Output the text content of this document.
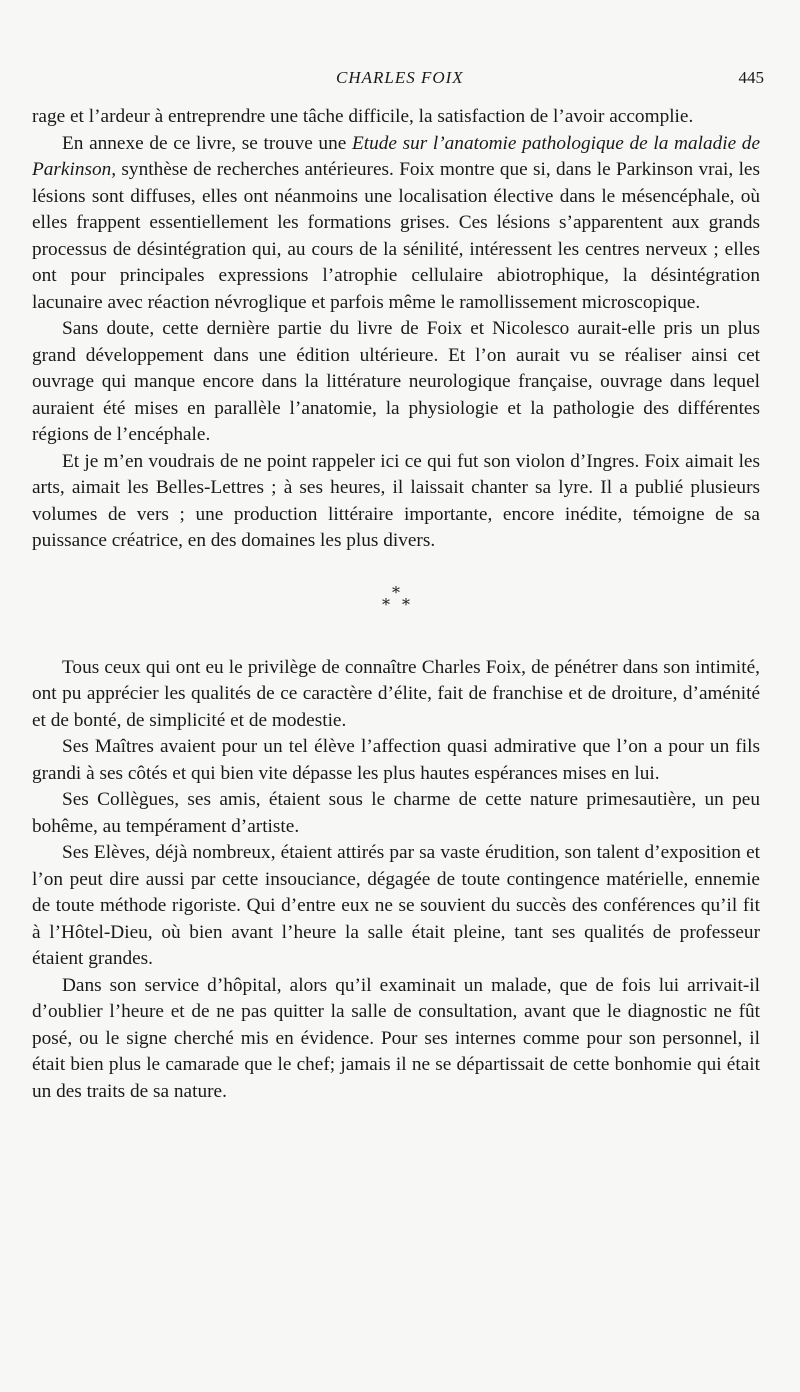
CHARLES FOIX	445

rage et l’ardeur à entreprendre une tâche difficile, la satisfaction de l’avoir accomplie.

En annexe de ce livre, se trouve une Etude sur l’anatomie pathologique de la maladie de Parkinson, synthèse de recherches antérieures. Foix montre que si, dans le Parkinson vrai, les lésions sont diffuses, elles ont néanmoins une localisation élective dans le mésencéphale, où elles frappent essentiellement les formations grises. Ces lésions s’apparentent aux grands processus de désintégration qui, au cours de la sénilité, intéressent les centres nerveux ; elles ont pour principales expressions l’atrophie cellulaire abiotrophique, la désintégration lacunaire avec réaction névroglique et parfois même le ramollissement microscopique.

Sans doute, cette dernière partie du livre de Foix et Nicolesco aurait-elle pris un plus grand développement dans une édition ultérieure. Et l’on aurait vu se réaliser ainsi cet ouvrage qui manque encore dans la littérature neurologique française, ouvrage dans lequel auraient été mises en parallèle l’anatomie, la physiologie et la pathologie des différentes régions de l’encéphale.

Et je m’en voudrais de ne point rappeler ici ce qui fut son violon d’Ingres. Foix aimait les arts, aimait les Belles-Lettres ; à ses heures, il laissait chanter sa lyre. Il a publié plusieurs volumes de vers ; une production littéraire importante, encore inédite, témoigne de sa puissance créatrice, en des domaines les plus divers.

*
* *

Tous ceux qui ont eu le privilège de connaître Charles Foix, de pénétrer dans son intimité, ont pu apprécier les qualités de ce caractère d’élite, fait de franchise et de droiture, d’aménité et de bonté, de simplicité et de modestie.

Ses Maîtres avaient pour un tel élève l’affection quasi admirative que l’on a pour un fils grandi à ses côtés et qui bien vite dépasse les plus hautes espérances mises en lui.

Ses Collègues, ses amis, étaient sous le charme de cette nature primesautière, un peu bohême, au tempérament d’artiste.

Ses Elèves, déjà nombreux, étaient attirés par sa vaste érudition, son talent d’exposition et l’on peut dire aussi par cette insouciance, dégagée de toute contingence matérielle, ennemie de toute méthode rigoriste. Qui d’entre eux ne se souvient du succès des conférences qu’il fit à l’Hôtel-Dieu, où bien avant l’heure la salle était pleine, tant ses qualités de professeur étaient grandes.

Dans son service d’hôpital, alors qu’il examinait un malade, que de fois lui arrivait-il d’oublier l’heure et de ne pas quitter la salle de consultation, avant que le diagnostic ne fût posé, ou le signe cherché mis en évidence. Pour ses internes comme pour son personnel, il était bien plus le camarade que le chef; jamais il ne se départissait de cette bonhomie qui était un des traits de sa nature.
